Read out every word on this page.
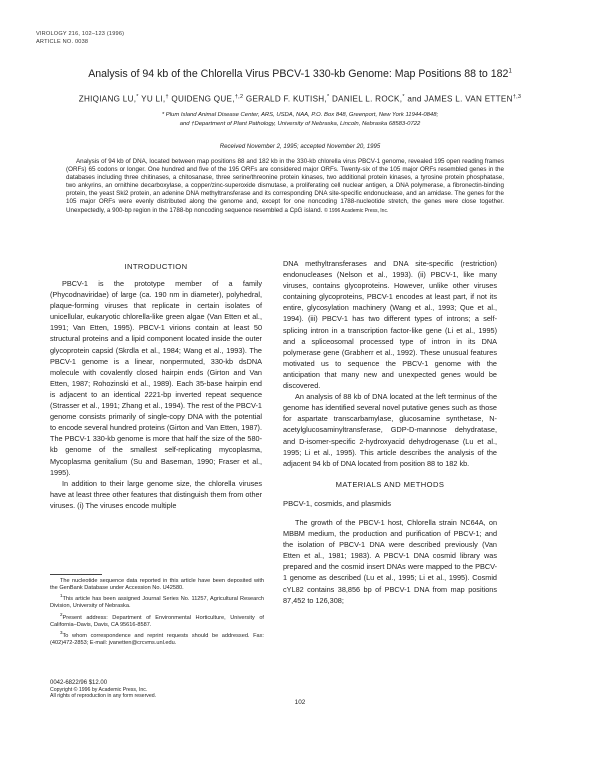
VIROLOGY 216, 102–123 (1996)
ARTICLE NO. 0038
Analysis of 94 kb of the Chlorella Virus PBCV-1 330-kb Genome: Map Positions 88 to $182^1$
ZHIQIANG LU,* YU LI,† QUIDENG QUE,$^{\dagger,2}$ GERALD F. KUTISH,* DANIEL L. ROCK,* and JAMES L. VAN $ETTEN^{\dagger,3}$
* Plum Island Animal Disease Center, ARS, USDA, NAA, P.O. Box 848, Greenport, New York 11944-0848;
and †Department of Plant Pathology, University of Nebraska, Lincoln, Nebraska 68583-0722
Received November 2, 1995; accepted November 20, 1995
Analysis of 94 kb of DNA, located between map positions 88 and 182 kb in the 330-kb chlorella virus PBCV-1 genome, revealed 195 open reading frames (ORFs) 65 codons or longer. One hundred and five of the 195 ORFs are considered major ORFs. Twenty-six of the 105 major ORFs resembled genes in the databases including three chitinases, a chitosanase, three serine/threonine protein kinases, two additional protein kinases, a tyrosine protein phosphatase, two ankyrins, an ornithine decarboxylase, a copper/zinc-superoxide dismutase, a proliferating cell nuclear antigen, a DNA polymerase, a fibronectin-binding protein, the yeast Ski2 protein, an adenine DNA methyltransferase and its corresponding DNA site-specific endonuclease, and an amidase. The genes for the 105 major ORFs were evenly distributed along the genome and, except for one noncoding 1788-nucleotide stretch, the genes were close together. Unexpectedly, a 900-bp region in the 1788-bp noncoding sequence resembled a CpG island. © 1996 Academic Press, Inc.
INTRODUCTION

PBCV-1 is the prototype member of a family (Phycodnaviridae) of large (ca. 190 nm in diameter), polyhedral, plaque-forming viruses that replicate in certain isolates of unicellular, eukaryotic chlorella-like green algae (Van Etten et al., 1991; Van Etten, 1995). PBCV-1 virions contain at least 50 structural proteins and a lipid component located inside the outer glycoprotein capsid (Skrdla et al., 1984; Wang et al., 1993). The PBCV-1 genome is a linear, nonpermuted, 330-kb dsDNA molecule with covalently closed hairpin ends (Girton and Van Etten, 1987; Rohozinski et al., 1989). Each 35-base hairpin end is adjacent to an identical 2221-bp inverted repeat sequence (Strasser et al., 1991; Zhang et al., 1994). The rest of the PBCV-1 genome consists primarily of single-copy DNA with the potential to encode several hundred proteins (Girton and Van Etten, 1987). The PBCV-1 330-kb genome is more that half the size of the 580-kb genome of the smallest self-replicating mycoplasma, Mycoplasma genitalium (Su and Baseman, 1990; Fraser et al., 1995).

In addition to their large genome size, the chlorella viruses have at least three other features that distinguish them from other viruses. (i) The viruses encode multiple

The nucleotide sequence data reported in this article have been deposited with the GenBank Database under Accession No. U42580.

$^1$This article has been assigned Journal Series No. 11257, Agricultural Research Division, University of Nebraska.

$^2$Present address: Department of Environmental Horticulture, University of California–Davis, Davis, CA 95616-8587.

$^3$To whom correspondence and reprint requests should be addressed. Fax: (402)472-2853; E-mail: jvanetten@crcvms.unl.edu.

0042-6822/96 $12.00
Copyright © 1996 by Academic Press, Inc.
All rights of reproduction in any form reserved.

DNA methyltransferases and DNA site-specific (restriction) endonucleases (Nelson et al., 1993). (ii) PBCV-1, like many viruses, contains glycoproteins. However, unlike other viruses containing glycoproteins, PBCV-1 encodes at least part, if not its entire, glycosylation machinery (Wang et al., 1993; Que et al., 1994). (iii) PBCV-1 has two different types of introns; a self-splicing intron in a transcription factor-like gene (Li et al., 1995) and a spliceosomal processed type of intron in its DNA polymerase gene (Grabherr et al., 1992). These unusual features motivated us to sequence the PBCV-1 genome with the anticipation that many new and unexpected genes would be discovered.

An analysis of 88 kb of DNA located at the left terminus of the genome has identified several novel putative genes such as those for aspartate transcarbamylase, glucosamine synthetase, N-acetylglucosaminyltransferase, GDP-D-mannose dehydratase, and D-isomer-specific 2-hydroxyacid dehydrogenase (Lu et al., 1995; Li et al., 1995). This article describes the analysis of the adjacent 94 kb of DNA located from position 88 to 182 kb.

MATERIALS AND METHODS
PBCV-1, cosmids, and plasmids

The growth of the PBCV-1 host, Chlorella strain NC64A, on MBBM medium, the production and purification of PBCV-1; and the isolation of PBCV-1 DNA were described previously (Van Etten et al., 1981; 1983). A PBCV-1 DNA cosmid library was prepared and the cosmid insert DNAs were mapped to the PBCV-1 genome as described (Lu et al., 1995; Li et al., 1995). Cosmid cYL82 contains 38,856 bp of PBCV-1 DNA from map positions 87,452 to 126,308;

102
